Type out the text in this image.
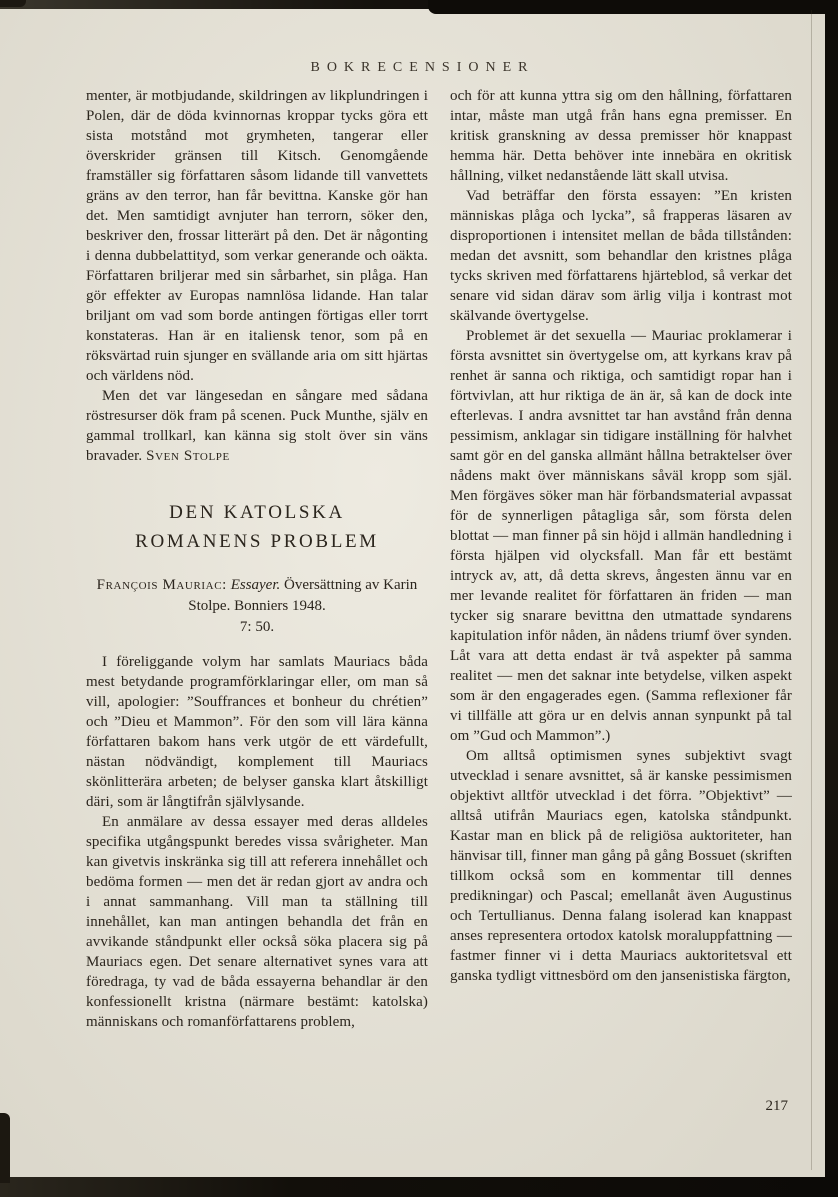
BOKRECENSIONER

menter, är motbjudande, skildringen av likplundringen i Polen, där de döda kvinnornas kroppar tycks göra ett sista motstånd mot grymheten, tangerar eller överskrider gränsen till Kitsch. Genomgående framställer sig författaren såsom lidande till vanvettets gräns av den terror, han får bevittna. Kanske gör han det. Men samtidigt avnjuter han terrorn, söker den, beskriver den, frossar litterärt på den. Det är någonting i denna dubbelattityd, som verkar generande och oäkta. Författaren briljerar med sin sårbarhet, sin plåga. Han gör effekter av Europas namnlösa lidande. Han talar briljant om vad som borde antingen förtigas eller torrt konstateras. Han är en italiensk tenor, som på en röksvärtad ruin sjunger en svällande aria om sitt hjärtas och världens nöd.

Men det var längesedan en sångare med sådana röstresurser dök fram på scenen. Puck Munthe, själv en gammal trollkarl, kan känna sig stolt över sin väns bravader. Sven Stolpe

DEN KATOLSKA
ROMANENS PROBLEM

François Mauriac: Essayer. Översättning av Karin Stolpe. Bonniers 1948.
7: 50.

I föreliggande volym har samlats Mauriacs båda mest betydande programförklaringar eller, om man så vill, apologier: ”Souffrances et bonheur du chrétien” och ”Dieu et Mammon”. För den som vill lära känna författaren bakom hans verk utgör de ett värdefullt, nästan nödvändigt, komplement till Mauriacs skönlitterära arbeten; de belyser ganska klart åtskilligt däri, som är långtifrån självlysande.

En anmälare av dessa essayer med deras alldeles specifika utgångspunkt beredes vissa svårigheter. Man kan givetvis inskränka sig till att referera innehållet och bedöma formen — men det är redan gjort av andra och i annat sammanhang. Vill man ta ställning till innehållet, kan man antingen behandla det från en avvikande ståndpunkt eller också söka placera sig på Mauriacs egen. Det senare alternativet synes vara att föredraga, ty vad de båda essayerna behandlar är den konfessionellt kristna (närmare bestämt: katolska) människans och romanförfattarens problem,

och för att kunna yttra sig om den hållning, författaren intar, måste man utgå från hans egna premisser. En kritisk granskning av dessa premisser hör knappast hemma här. Detta behöver inte innebära en okritisk hållning, vilket nedanstående lätt skall utvisa.

Vad beträffar den första essayen: ”En kristen människas plåga och lycka”, så frapperas läsaren av disproportionen i intensitet mellan de båda tillstånden: medan det avsnitt, som behandlar den kristnes plåga tycks skriven med författarens hjärteblod, så verkar det senare vid sidan därav som ärlig vilja i kontrast mot skälvande övertygelse.

Problemet är det sexuella — Mauriac proklamerar i första avsnittet sin övertygelse om, att kyrkans krav på renhet är sanna och riktiga, och samtidigt ropar han i förtvivlan, att hur riktiga de än är, så kan de dock inte efterlevas. I andra avsnittet tar han avstånd från denna pessimism, anklagar sin tidigare inställning för halvhet samt gör en del ganska allmänt hållna betraktelser över nådens makt över människans såväl kropp som själ. Men förgäves söker man här förbandsmaterial avpassat för de synnerligen påtagliga sår, som första delen blottat — man finner på sin höjd i allmän handledning i första hjälpen vid olycksfall. Man får ett bestämt intryck av, att, då detta skrevs, ångesten ännu var en mer levande realitet för författaren än friden — man tycker sig snarare bevittna den utmattade syndarens kapitulation inför nåden, än nådens triumf över synden. Låt vara att detta endast är två aspekter på samma realitet — men det saknar inte betydelse, vilken aspekt som är den engagerades egen. (Samma reflexioner får vi tillfälle att göra ur en delvis annan synpunkt på tal om ”Gud och Mammon”.)

Om alltså optimismen synes subjektivt svagt utvecklad i senare avsnittet, så är kanske pessimismen objektivt alltför utvecklad i det förra. ”Objektivt” — alltså utifrån Mauriacs egen, katolska ståndpunkt. Kastar man en blick på de religiösa auktoriteter, han hänvisar till, finner man gång på gång Bossuet (skriften tillkom också som en kommentar till dennes predikningar) och Pascal; emellanåt även Augustinus och Tertullianus. Denna falang isolerad kan knappast anses representera ortodox katolsk moraluppfattning — fastmer finner vi i detta Mauriacs auktoritetsval ett ganska tydligt vittnesbörd om den jansenistiska färgton,

217
